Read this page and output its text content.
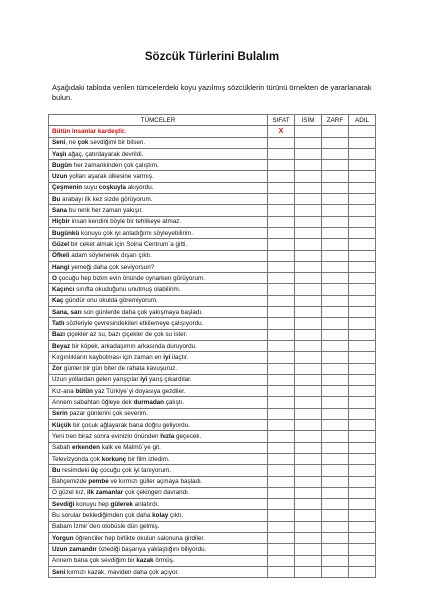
Sözcük Türlerini Bulalım

Aşağıdaki tabloda verilen tümcelerdeki koyu yazılmış sözcüklerin türünü örnekten de yararlanarak bulun.

TÜMCELER	SIFAT	İSİM	ZARF	ADIL
Bütün insanlar kardeştir.	X			
Seni, ne çok sevdiğimi bir bilsen.				
Yaşlı ağaç, çatırdayarak devrildi.				
Bugün her zamankinden çok çalıştım.				
Uzun yolları aşarak ülkesine varmış.				
Çeşmenin suyu coşkuyla akıyordu.				
Bu arabayı ilk kez sizde görüyorum.				
Sana bu renk her zaman yakışır.				
Hiçbir insan kendini böyle bir tehlikeye atmaz.				
Bugünkü konuyu çok iyi anladığımı söyleyebilirim.				
Güzel bir ceket almak için Solna Centrum´a gitti.				
Öfkeli adam söylenerek dışarı çıktı.				
Hangi yemeği daha çok seviyorsun?				
O çocuğu hep bizim evin önünde oynarken görüyorum.				
Kaçıncı sınıfta okuduğunu unutmuş olabilirim.				
Kaç gündür onu okulda göremiyorum.				
Sana, sarı son günlerde daha çok yakışmaya başladı.				
Tatlı sözleriyle çevresindekileri etkilemeye çalışıyordu.				
Bazı çiçekler az su, bazı çiçekler de çok su ister.				
Beyaz bir köpek, arkadaşımın arkasında duruyordu.				
Kırgınlıkların kaybolması için zaman en iyi ilaçtır.				
Zor günler bir gün biter de rahata kavuşuruz.				
Uzun yollardan gelen yarışçılar iyi yarış çıkardılar.				
Kız-ana bütün yaz Türkiye´yi doyasıya gezdiler.				
Annem sabahtan öğleye dek durmadan çalıştı.				
Serin pazar günlerini çok severim.				
Küçük bir çocuk ağlayarak bana doğru geliyordu.				
Yeni tren biraz sonra evinizin önünden hızla geçecek.				
Sabah erkenden kalk ve Malmö´ye git.				
Televizyonda çok korkunç bir film izledim.				
Bu resimdeki üç çocuğu çok iyi tanıyorum.				
Bahçemizde pembe ve kırmızı güller açmaya başladı.				
O güzel kız, ilk zamanlar çok çekingen davrandı.				
Sevdiği konuyu hep gülerek anlatırdı.				
Bu sorular beklediğimden çok daha kolay çıktı.				
Babam İzmir´den otobüsle dün gelmiş.				
Yorgun öğrenciler hep birlikte okulun salonuna girdiler.				
Uzun zamandır özlediği başarıya yaklaştığını biliyordu.				
Annem bana çok sevdiğim bir kazak örmüş.				
Seni kırmızı kazak, maviden daha çok açıyor.				
